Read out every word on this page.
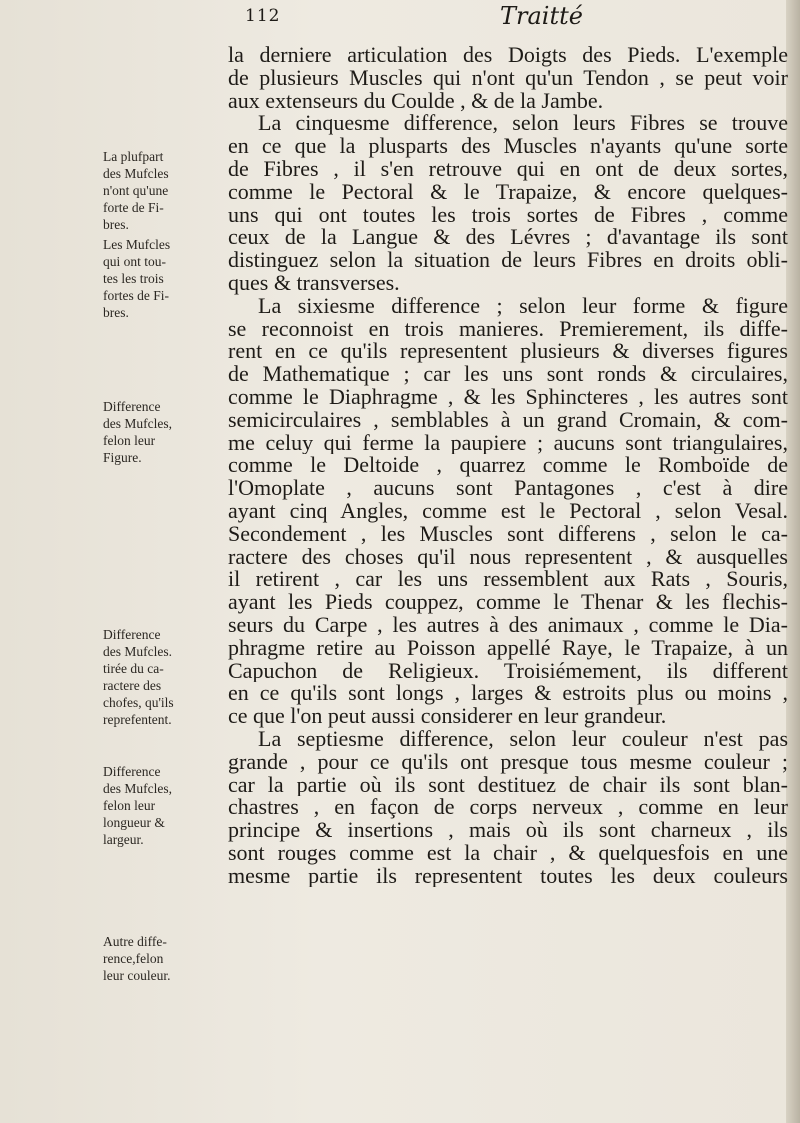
112	Traitté
La plufpart
des Mufcles
n'ont qu'une
forte de Fi-
bres.
Les Mufcles
qui ont tou-
tes les trois
fortes de Fi-
bres.
Difference
des Mufcles,
felon leur
Figure.
Difference
des Mufcles.
tirée du ca-
ractere des
chofes, qu'ils
reprefentent.
Difference
des Mufcles,
felon leur
longueur &
largeur.
Autre diffe-
rence,felon
leur couleur.
la derniere articulation des Doigts des Pieds. L'exemple
de plusieurs Muscles qui n'ont qu'un Tendon , se peut voir
aux extenseurs du Coulde , & de la Jambe.
La cinquesme difference, selon leurs Fibres se trouve
en ce que la plusparts des Muscles n'ayants qu'une sorte
de Fibres , il s'en retrouve qui en ont de deux sortes,
comme le Pectoral & le Trapaize, & encore quelques-
uns qui ont toutes les trois sortes de Fibres , comme
ceux de la Langue & des Lévres ; d'avantage ils sont
distinguez selon la situation de leurs Fibres en droits obli-
ques & transverses.
La sixiesme difference ; selon leur forme & figure
se reconnoist en trois manieres. Premierement, ils diffe-
rent en ce qu'ils representent plusieurs & diverses figures
de Mathematique ; car les uns sont ronds & circulaires,
comme le Diaphragme , & les Sphincteres , les autres sont
semicirculaires , semblables à un grand Cromain, & com-
me celuy qui ferme la paupiere ; aucuns sont triangulaires,
comme le Deltoide , quarrez comme le Romboïde de
l'Omoplate , aucuns sont Pantagones , c'est à dire
ayant cinq Angles, comme est le Pectoral , selon Vesal.
Secondement , les Muscles sont differens , selon le ca-
ractere des choses qu'il nous representent , & ausquelles
il retirent , car les uns ressemblent aux Rats , Souris,
ayant les Pieds couppez, comme le Thenar & les flechis-
seurs du Carpe , les autres à des animaux , comme le Dia-
phragme retire au Poisson appellé Raye, le Trapaize, à un
Capuchon de Religieux. Troisiémement, ils different
en ce qu'ils sont longs , larges & estroits plus ou moins ,
ce que l'on peut aussi considerer en leur grandeur.
La septiesme difference, selon leur couleur n'est pas
grande , pour ce qu'ils ont presque tous mesme couleur ;
car la partie où ils sont destituez de chair ils sont blan-
chastres , en façon de corps nerveux , comme en leur
principe & insertions , mais où ils sont charneux , ils
sont rouges comme est la chair , & quelquesfois en une
mesme partie ils representent toutes les deux couleurs
